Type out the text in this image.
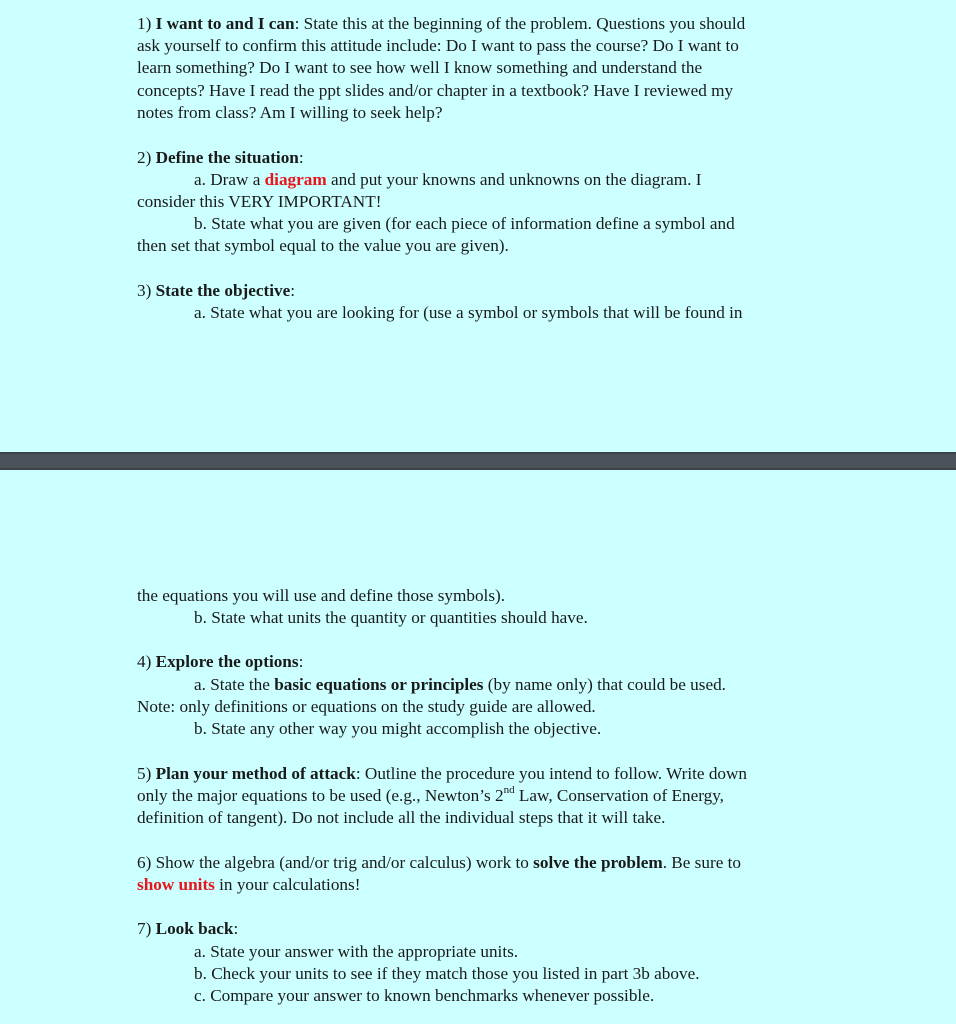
1) I want to and I can: State this at the beginning of the problem. Questions you should
ask yourself to confirm this attitude include: Do I want to pass the course? Do I want to
learn something? Do I want to see how well I know something and understand the
concepts? Have I read the ppt slides and/or chapter in a textbook? Have I reviewed my
notes from class? Am I willing to seek help?
2) Define the situation:
a. Draw a diagram and put your knowns and unknowns on the diagram. I
consider this VERY IMPORTANT!
b. State what you are given (for each piece of information define a symbol and
then set that symbol equal to the value you are given).
3) State the objective:
a. State what you are looking for (use a symbol or symbols that will be found in
the equations you will use and define those symbols).
b. State what units the quantity or quantities should have.
4) Explore the options:
a. State the basic equations or principles (by name only) that could be used.
Note: only definitions or equations on the study guide are allowed.
b. State any other way you might accomplish the objective.
5) Plan your method of attack: Outline the procedure you intend to follow. Write down
only the major equations to be used (e.g., Newton’s 2nd Law, Conservation of Energy,
definition of tangent). Do not include all the individual steps that it will take.
6) Show the algebra (and/or trig and/or calculus) work to solve the problem. Be sure to
show units in your calculations!
7) Look back:
a. State your answer with the appropriate units.
b. Check your units to see if they match those you listed in part 3b above.
c. Compare your answer to known benchmarks whenever possible.
